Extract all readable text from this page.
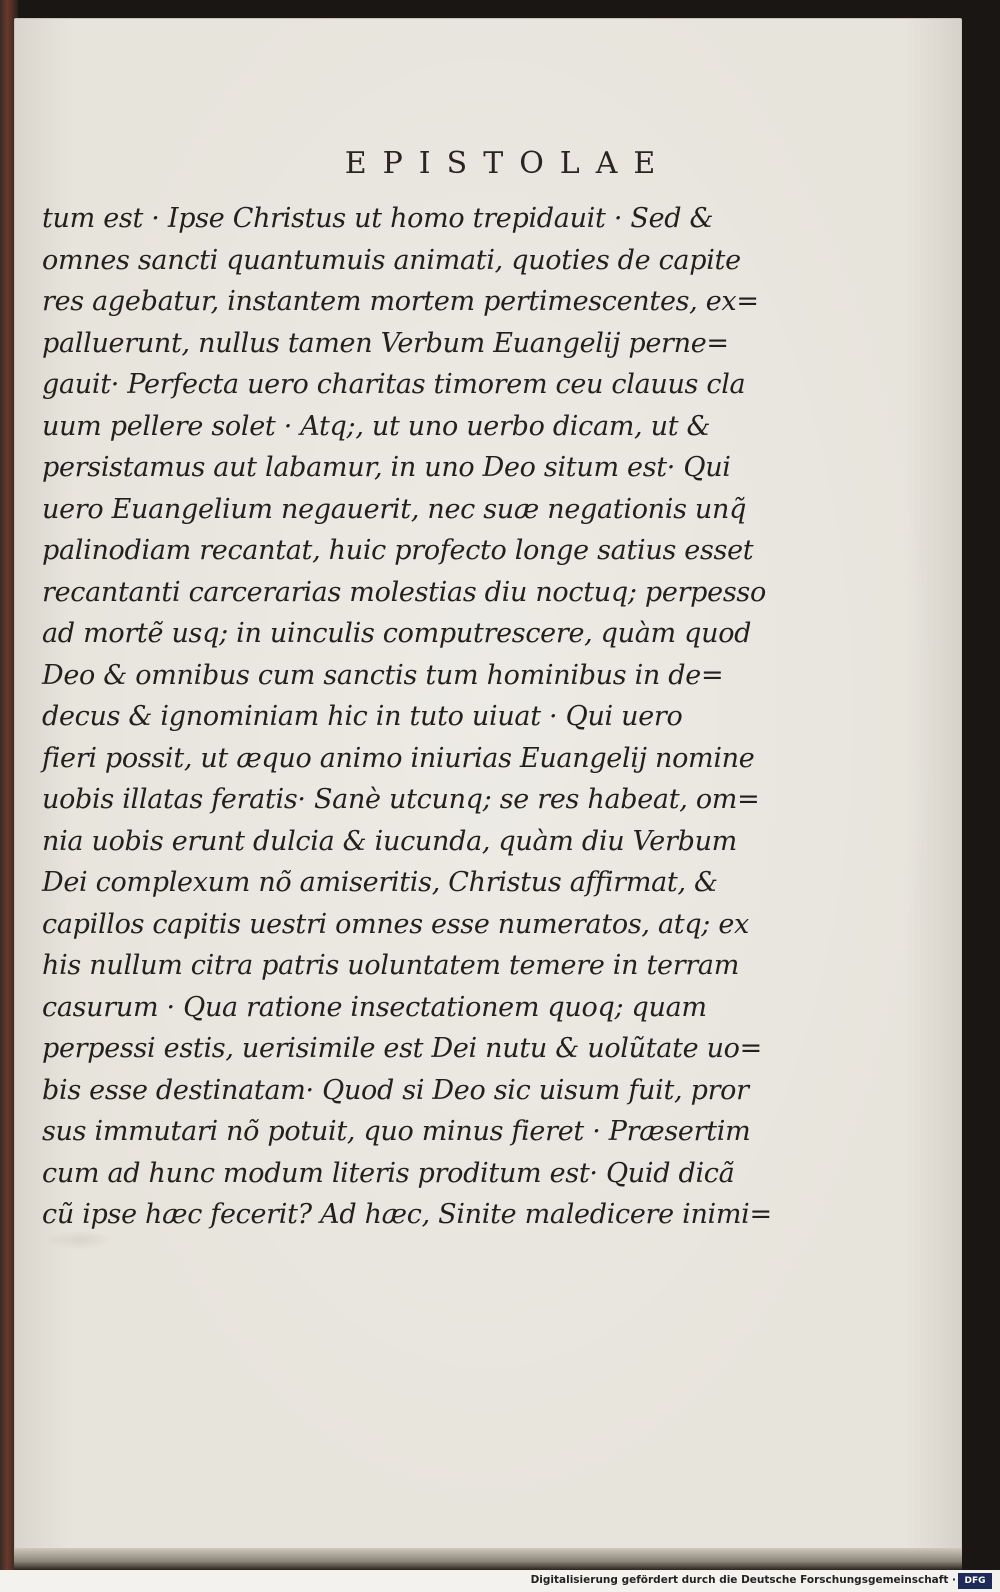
EPISTOLAE
tum est · Ipse Christus ut homo trepidauit · Sed &
omnes sancti quantumuis animati, quoties de capite
res agebatur, instantem mortem pertimescentes, ex=
palluerunt, nullus tamen Verbum Euangelij perne=
gauit· Perfecta uero charitas timorem ceu clauus cla
uum pellere solet · Atq;, ut uno uerbo dicam, ut &
persistamus aut labamur, in uno Deo situm est· Qui
uero Euangelium negauerit, nec suæ negationis unq̃
palinodiam recantat, huic profecto longe satius esset
recantanti carcerarias molestias diu noctuq; perpesso
ad mortẽ usq; in uinculis computrescere, quàm quod
Deo & omnibus cum sanctis tum hominibus in de=
decus & ignominiam hic in tuto uiuat · Qui uero
fieri possit, ut æquo animo iniurias Euangelij nomine
uobis illatas feratis· Sanè utcunq; se res habeat, om=
nia uobis erunt dulcia & iucunda, quàm diu Verbum
Dei complexum nõ amiseritis, Christus affirmat, &
capillos capitis uestri omnes esse numeratos, atq; ex
his nullum citra patris uoluntatem temere in terram
casurum · Qua ratione insectationem quoq; quam
perpessi estis, uerisimile est Dei nutu & uolũtate uo=
bis esse destinatam· Quod si Deo sic uisum fuit, pror
sus immutari nõ potuit, quo minus fieret · Præsertim
cum ad hunc modum literis proditum est· Quid dicã
cũ ipse hæc fecerit? Ad hæc, Sinite maledicere inimi=
Digitalisierung gefördert durch die Deutsche Forschungsgemeinschaft · DFG
